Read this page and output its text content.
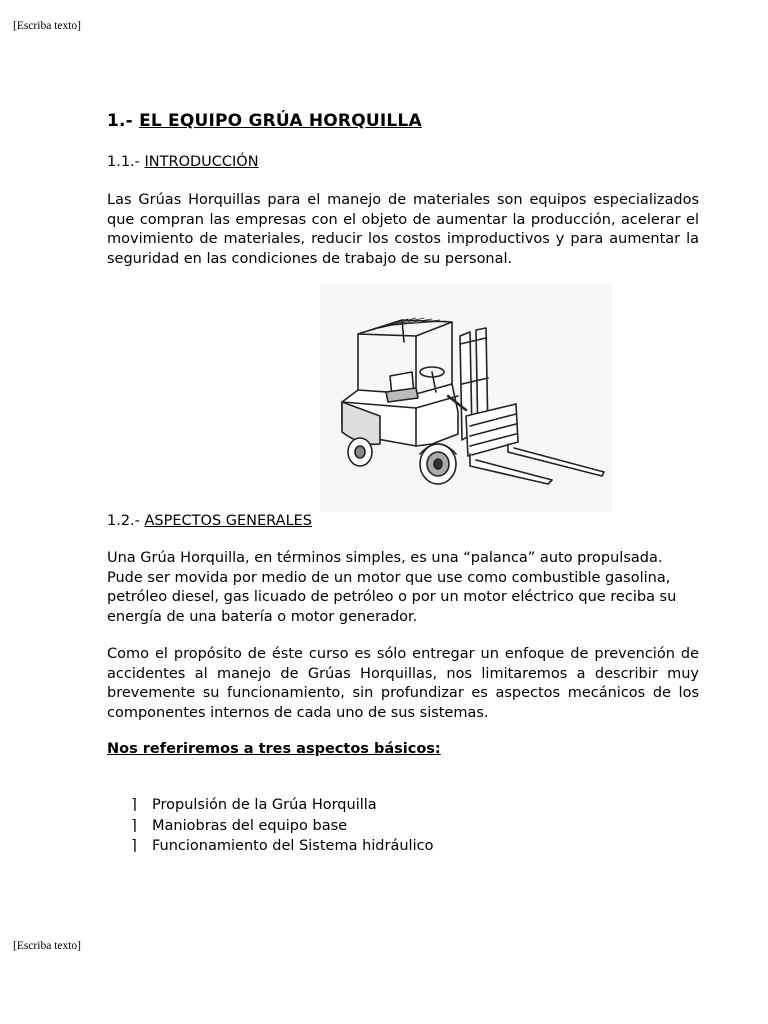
[Escriba texto]
1.- EL EQUIPO GRÚA HORQUILLA
1.1.- INTRODUCCIÓN

Las Grúas Horquillas para el manejo de materiales son equipos especializados que compran las empresas con el objeto de aumentar la producción, acelerar el movimiento de materiales, reducir los costos improductivos y para aumentar la seguridad en las condiciones de trabajo de su personal.

1.2.- ASPECTOS GENERALES

Una Grúa Horquilla, en términos simples, es una “palanca” auto propulsada. Pude ser movida por medio de un motor que use como combustible gasolina, petróleo diesel, gas licuado de petróleo o por un motor eléctrico que reciba su energía de una batería o motor generador.

Como el propósito de éste curso es sólo entregar un enfoque de prevención de accidentes al manejo de Grúas Horquillas, nos limitaremos a describir muy brevemente su funcionamiento, sin profundizar es aspectos mecánicos de los componentes internos de cada uno de sus sistemas.

Nos referiremos a tres aspectos básicos:

⌉ Propulsión de la Grúa Horquilla
⌉ Maniobras del equipo base
⌉ Funcionamiento del Sistema hidráulico
[Escriba texto]
